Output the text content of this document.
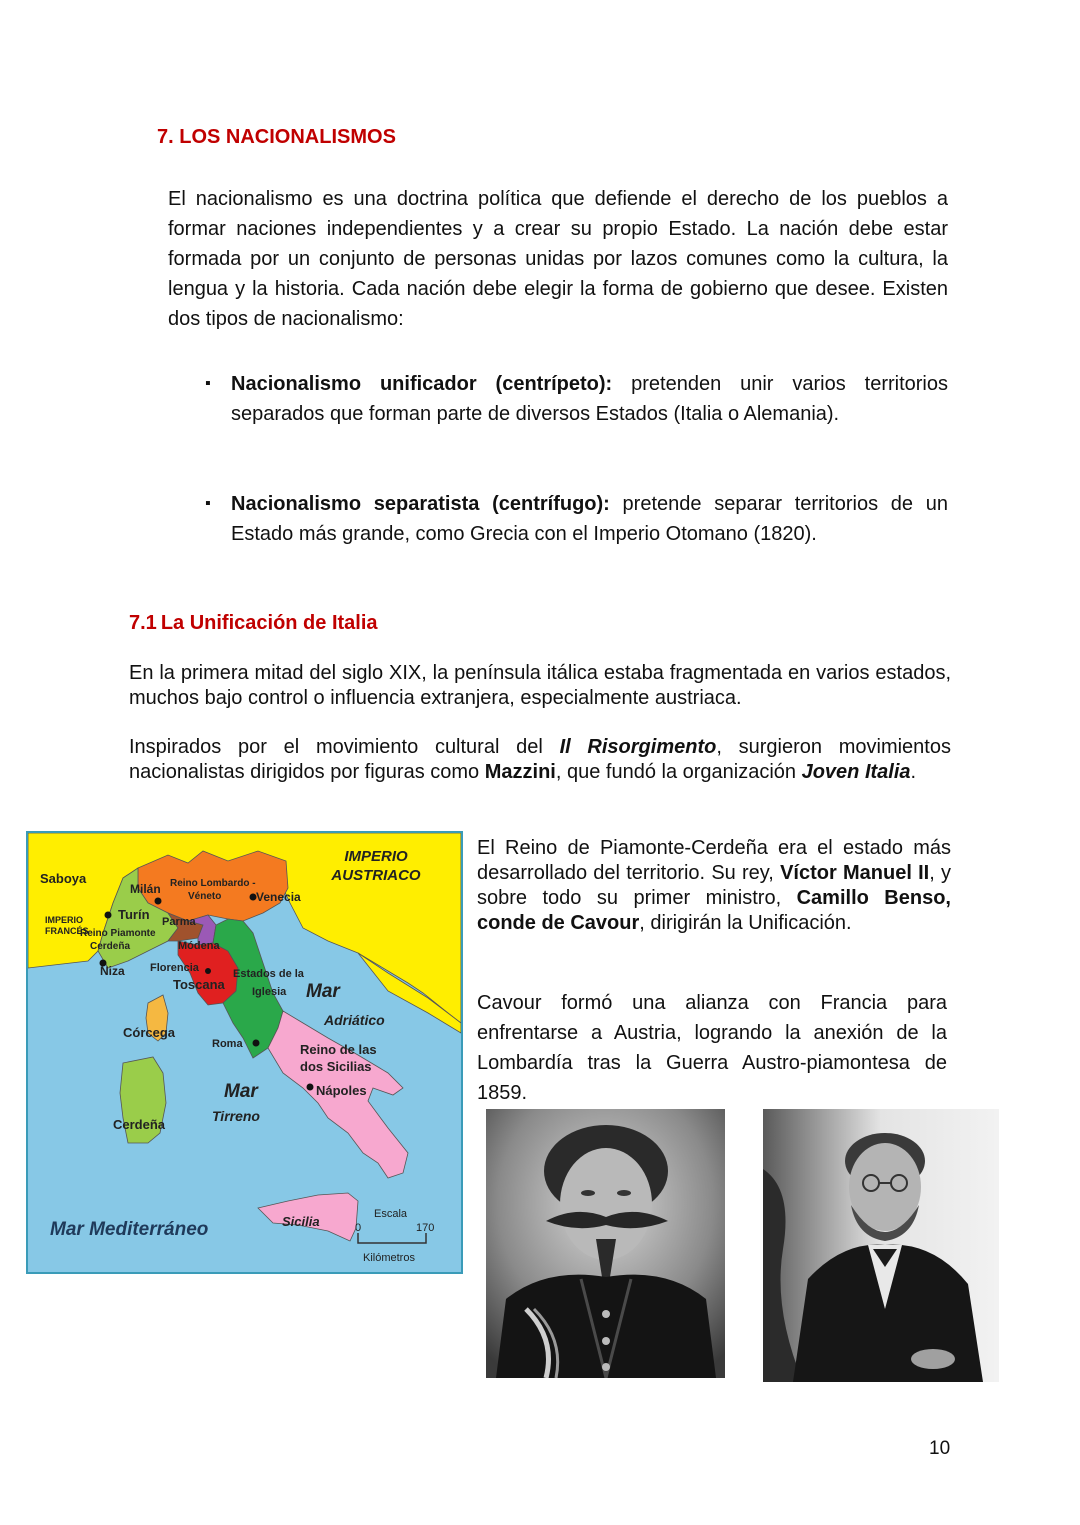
7. LOS NACIONALISMOS
El nacionalismo es una doctrina política que defiende el derecho de los pueblos a formar naciones independientes y a crear su propio Estado. La nación debe estar formada por un conjunto de personas unidas por lazos comunes como la cultura, la lengua y la historia. Cada nación debe elegir la forma de gobierno que desee. Existen dos tipos de nacionalismo:
▪ Nacionalismo unificador (centrípeto): pretenden unir varios territorios separados que forman parte de diversos Estados (Italia o Alemania).
▪ Nacionalismo separatista (centrífugo): pretende separar territorios de un Estado más grande, como Grecia con el Imperio Otomano (1820).
7.1 La Unificación de Italia
En la primera mitad del siglo XIX, la península itálica estaba fragmentada en varios estados, muchos bajo control o influencia extranjera, especialmente austriaca.
Inspirados por el movimiento cultural del Il Risorgimento, surgieron movimientos nacionalistas dirigidos por figuras como Mazzini, que fundó la organización Joven Italia.
IMPERIO
AUSTRIACO
Saboya
Milán Reino Lombardo -
Véneto	Venecia
IMPERIO
FRANCÉS
Turín Parma
Reino Piamonte
Cerdeña	Módena
Niza Florencia
Toscana
Estados de la
Iglesia Mar
Adriático
Córcega
Roma	Reino de las
dos Sicilias
Nápoles
Mar
Tirreno
Cerdeña
Mar Mediterráneo	Sicilia	Escala
0	170
Kilómetros
El Reino de Piamonte-Cerdeña era el estado más desarrollado del territorio. Su rey, Víctor Manuel II, y sobre todo su primer ministro, Camillo Benso, conde de Cavour, dirigirán la Unificación.
Cavour formó una alianza con Francia para enfrentarse a Austria, logrando la anexión de la Lombardía tras la Guerra Austro-piamontesa de 1859.
10
